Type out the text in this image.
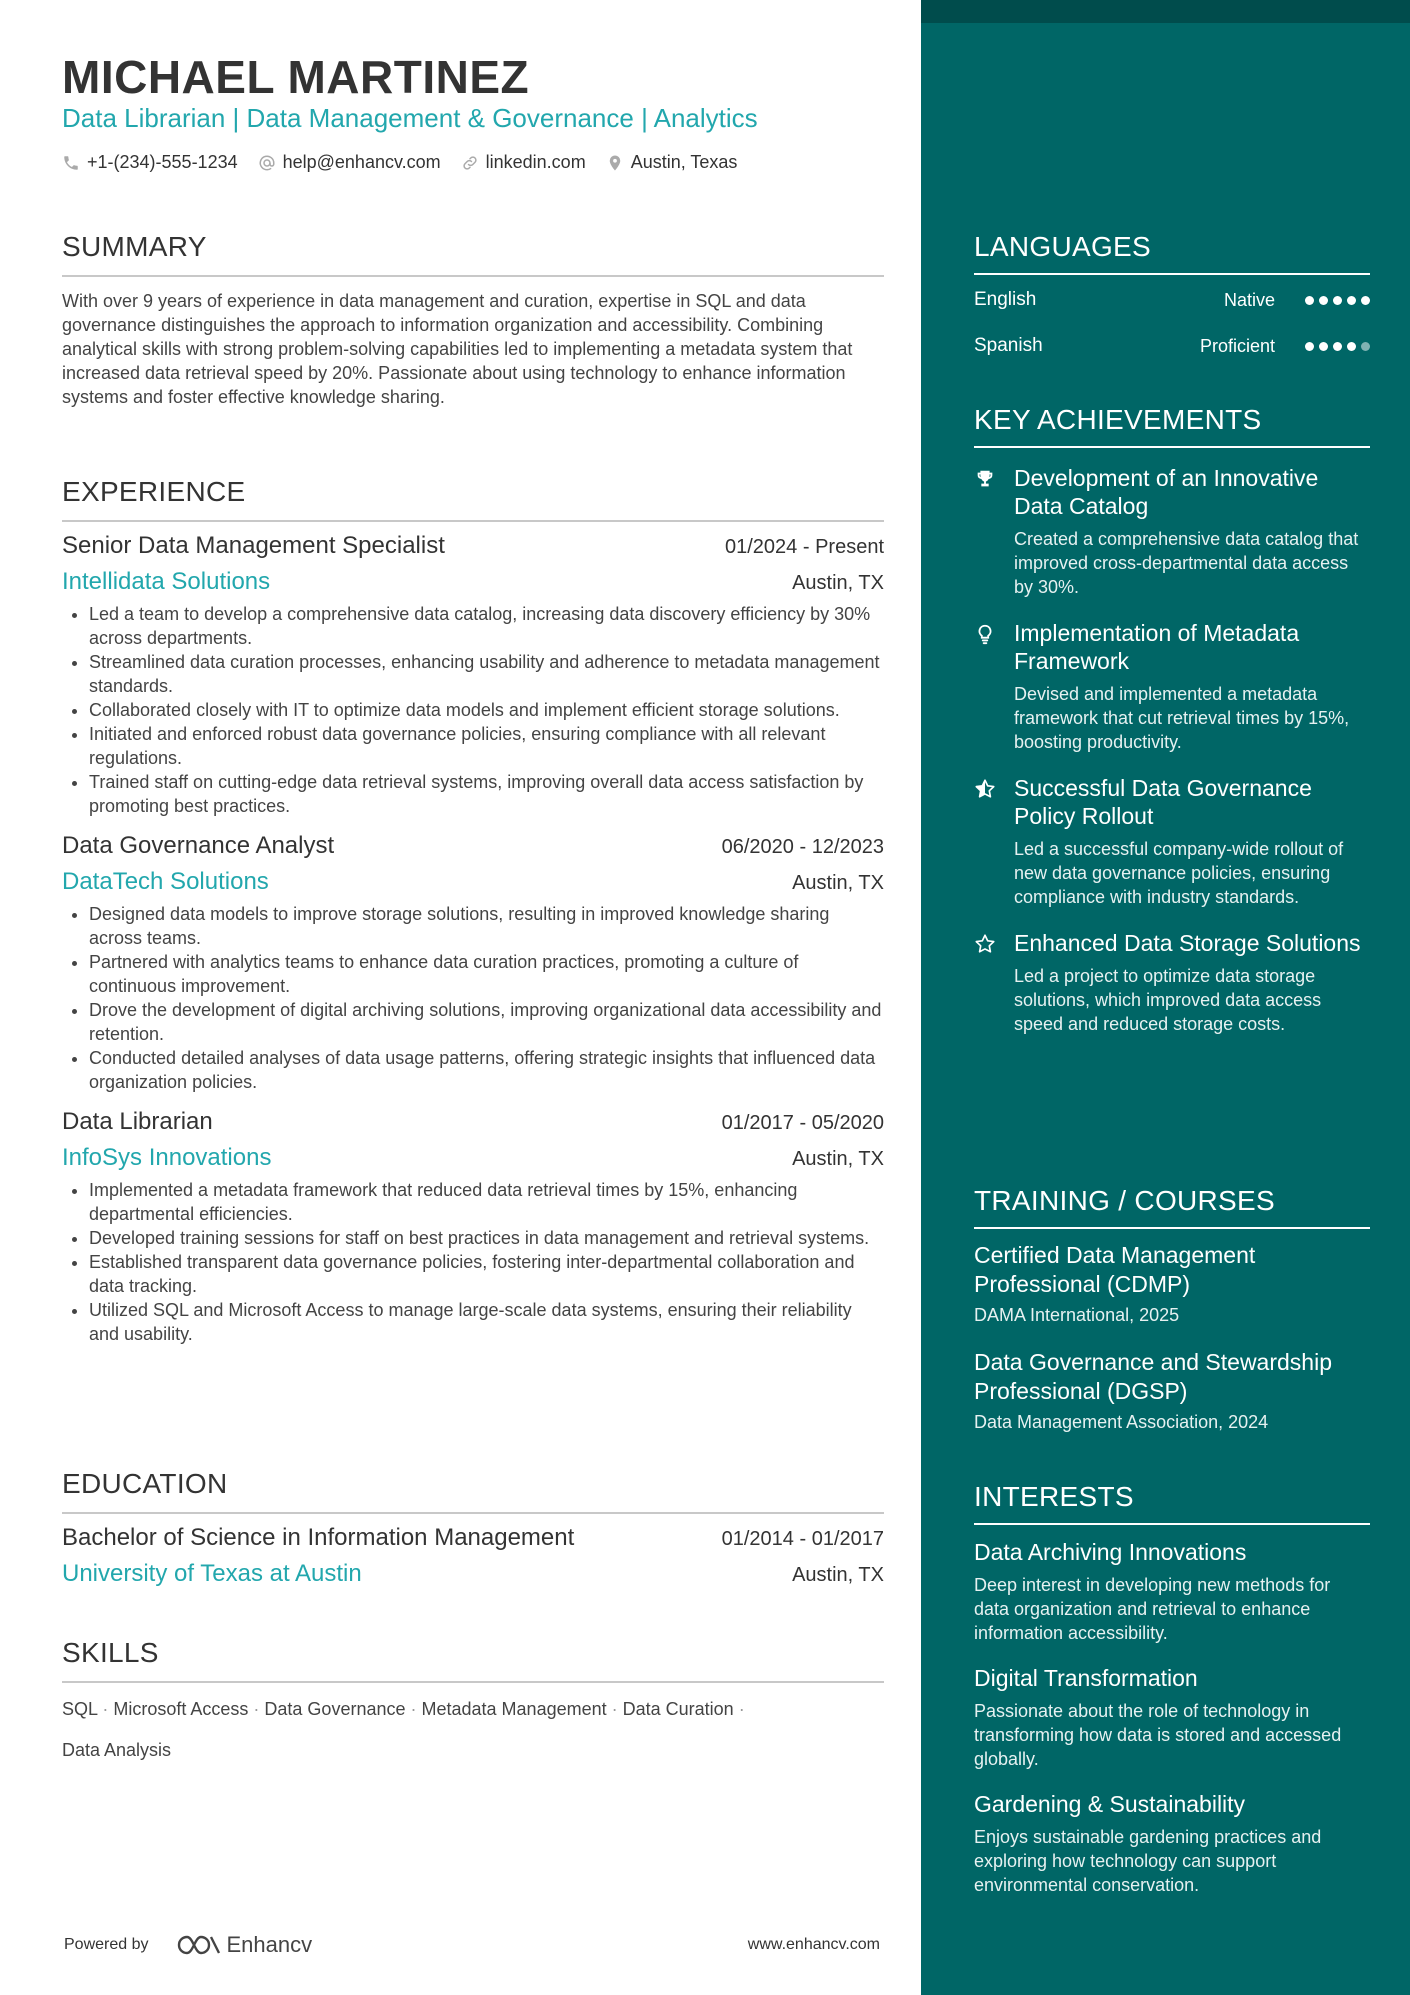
MICHAEL MARTINEZ
Data Librarian | Data Management & Governance | Analytics
+1-(234)-555-1234	help@enhancv.com	linkedin.com	Austin, Texas
SUMMARY
With over 9 years of experience in data management and curation, expertise in SQL and data governance distinguishes the approach to information organization and accessibility. Combining analytical skills with strong problem-solving capabilities led to implementing a metadata system that increased data retrieval speed by 20%. Passionate about using technology to enhance information systems and foster effective knowledge sharing.
EXPERIENCE
Senior Data Management Specialist	01/2024 - Present
Intellidata Solutions	Austin, TX
• Led a team to develop a comprehensive data catalog, increasing data discovery efficiency by 30% across departments.
• Streamlined data curation processes, enhancing usability and adherence to metadata management standards.
• Collaborated closely with IT to optimize data models and implement efficient storage solutions.
• Initiated and enforced robust data governance policies, ensuring compliance with all relevant regulations.
• Trained staff on cutting-edge data retrieval systems, improving overall data access satisfaction by promoting best practices.
Data Governance Analyst	06/2020 - 12/2023
DataTech Solutions	Austin, TX
• Designed data models to improve storage solutions, resulting in improved knowledge sharing across teams.
• Partnered with analytics teams to enhance data curation practices, promoting a culture of continuous improvement.
• Drove the development of digital archiving solutions, improving organizational data accessibility and retention.
• Conducted detailed analyses of data usage patterns, offering strategic insights that influenced data organization policies.
Data Librarian	01/2017 - 05/2020
InfoSys Innovations	Austin, TX
• Implemented a metadata framework that reduced data retrieval times by 15%, enhancing departmental efficiencies.
• Developed training sessions for staff on best practices in data management and retrieval systems.
• Established transparent data governance policies, fostering inter-departmental collaboration and data tracking.
• Utilized SQL and Microsoft Access to manage large-scale data systems, ensuring their reliability and usability.
EDUCATION
Bachelor of Science in Information Management	01/2014 - 01/2017
University of Texas at Austin	Austin, TX
SKILLS
SQL · Microsoft Access · Data Governance · Metadata Management · Data Curation ·
Data Analysis
Powered by	Enhancv	www.enhancv.com
LANGUAGES
English	Native
Spanish	Proficient
KEY ACHIEVEMENTS
Development of an Innovative Data Catalog
Created a comprehensive data catalog that improved cross-departmental data access by 30%.
Implementation of Metadata Framework
Devised and implemented a metadata framework that cut retrieval times by 15%, boosting productivity.
Successful Data Governance Policy Rollout
Led a successful company-wide rollout of new data governance policies, ensuring compliance with industry standards.
Enhanced Data Storage Solutions
Led a project to optimize data storage solutions, which improved data access speed and reduced storage costs.
TRAINING / COURSES
Certified Data Management Professional (CDMP)
DAMA International, 2025
Data Governance and Stewardship Professional (DGSP)
Data Management Association, 2024
INTERESTS
Data Archiving Innovations
Deep interest in developing new methods for data organization and retrieval to enhance information accessibility.
Digital Transformation
Passionate about the role of technology in transforming how data is stored and accessed globally.
Gardening & Sustainability
Enjoys sustainable gardening practices and exploring how technology can support environmental conservation.
